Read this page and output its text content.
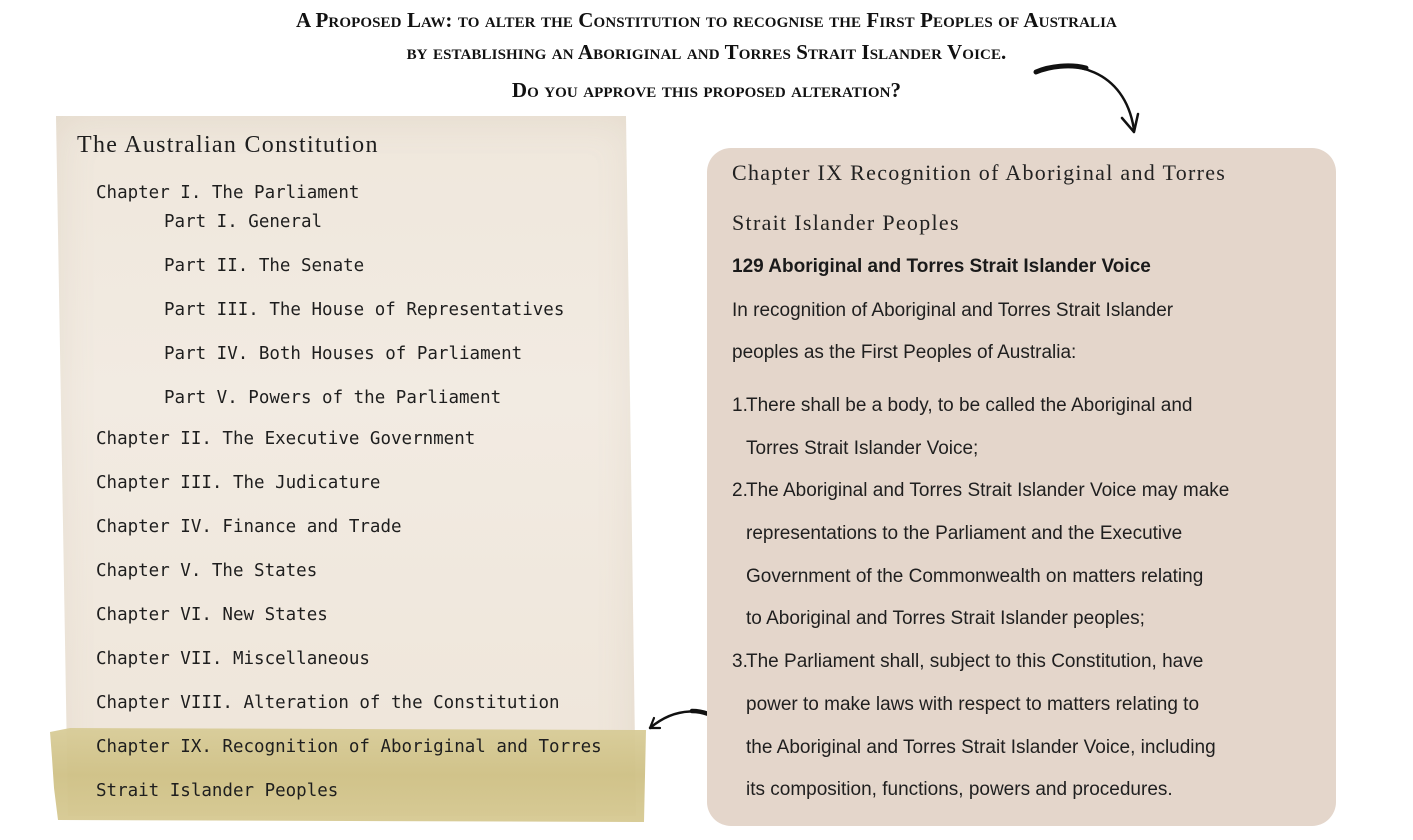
A Proposed Law: to alter the Constitution to recognise the First Peoples of Australia
by establishing an Aboriginal and Torres Strait Islander Voice.
Do you approve this proposed alteration?
The Australian Constitution
Chapter I. The Parliament
Part I. General
Part II. The Senate
Part III. The House of Representatives
Part IV. Both Houses of Parliament
Part V. Powers of the Parliament
Chapter II. The Executive Government
Chapter III. The Judicature
Chapter IV. Finance and Trade
Chapter V. The States
Chapter VI. New States
Chapter VII. Miscellaneous
Chapter VIII. Alteration of the Constitution
Chapter IX. Recognition of Aboriginal and Torres
Strait Islander Peoples
Chapter IX Recognition of Aboriginal and Torres
Strait Islander Peoples
129 Aboriginal and Torres Strait Islander Voice
In recognition of Aboriginal and Torres Strait Islander
peoples as the First Peoples of Australia:
1.
There shall be a body, to be called the Aboriginal and
Torres Strait Islander Voice;
2.
The Aboriginal and Torres Strait Islander Voice may make
representations to the Parliament and the Executive
Government of the Commonwealth on matters relating
to Aboriginal and Torres Strait Islander peoples;
3.
The Parliament shall, subject to this Constitution, have
power to make laws with respect to matters relating to
the Aboriginal and Torres Strait Islander Voice, including
its composition, functions, powers and procedures.
